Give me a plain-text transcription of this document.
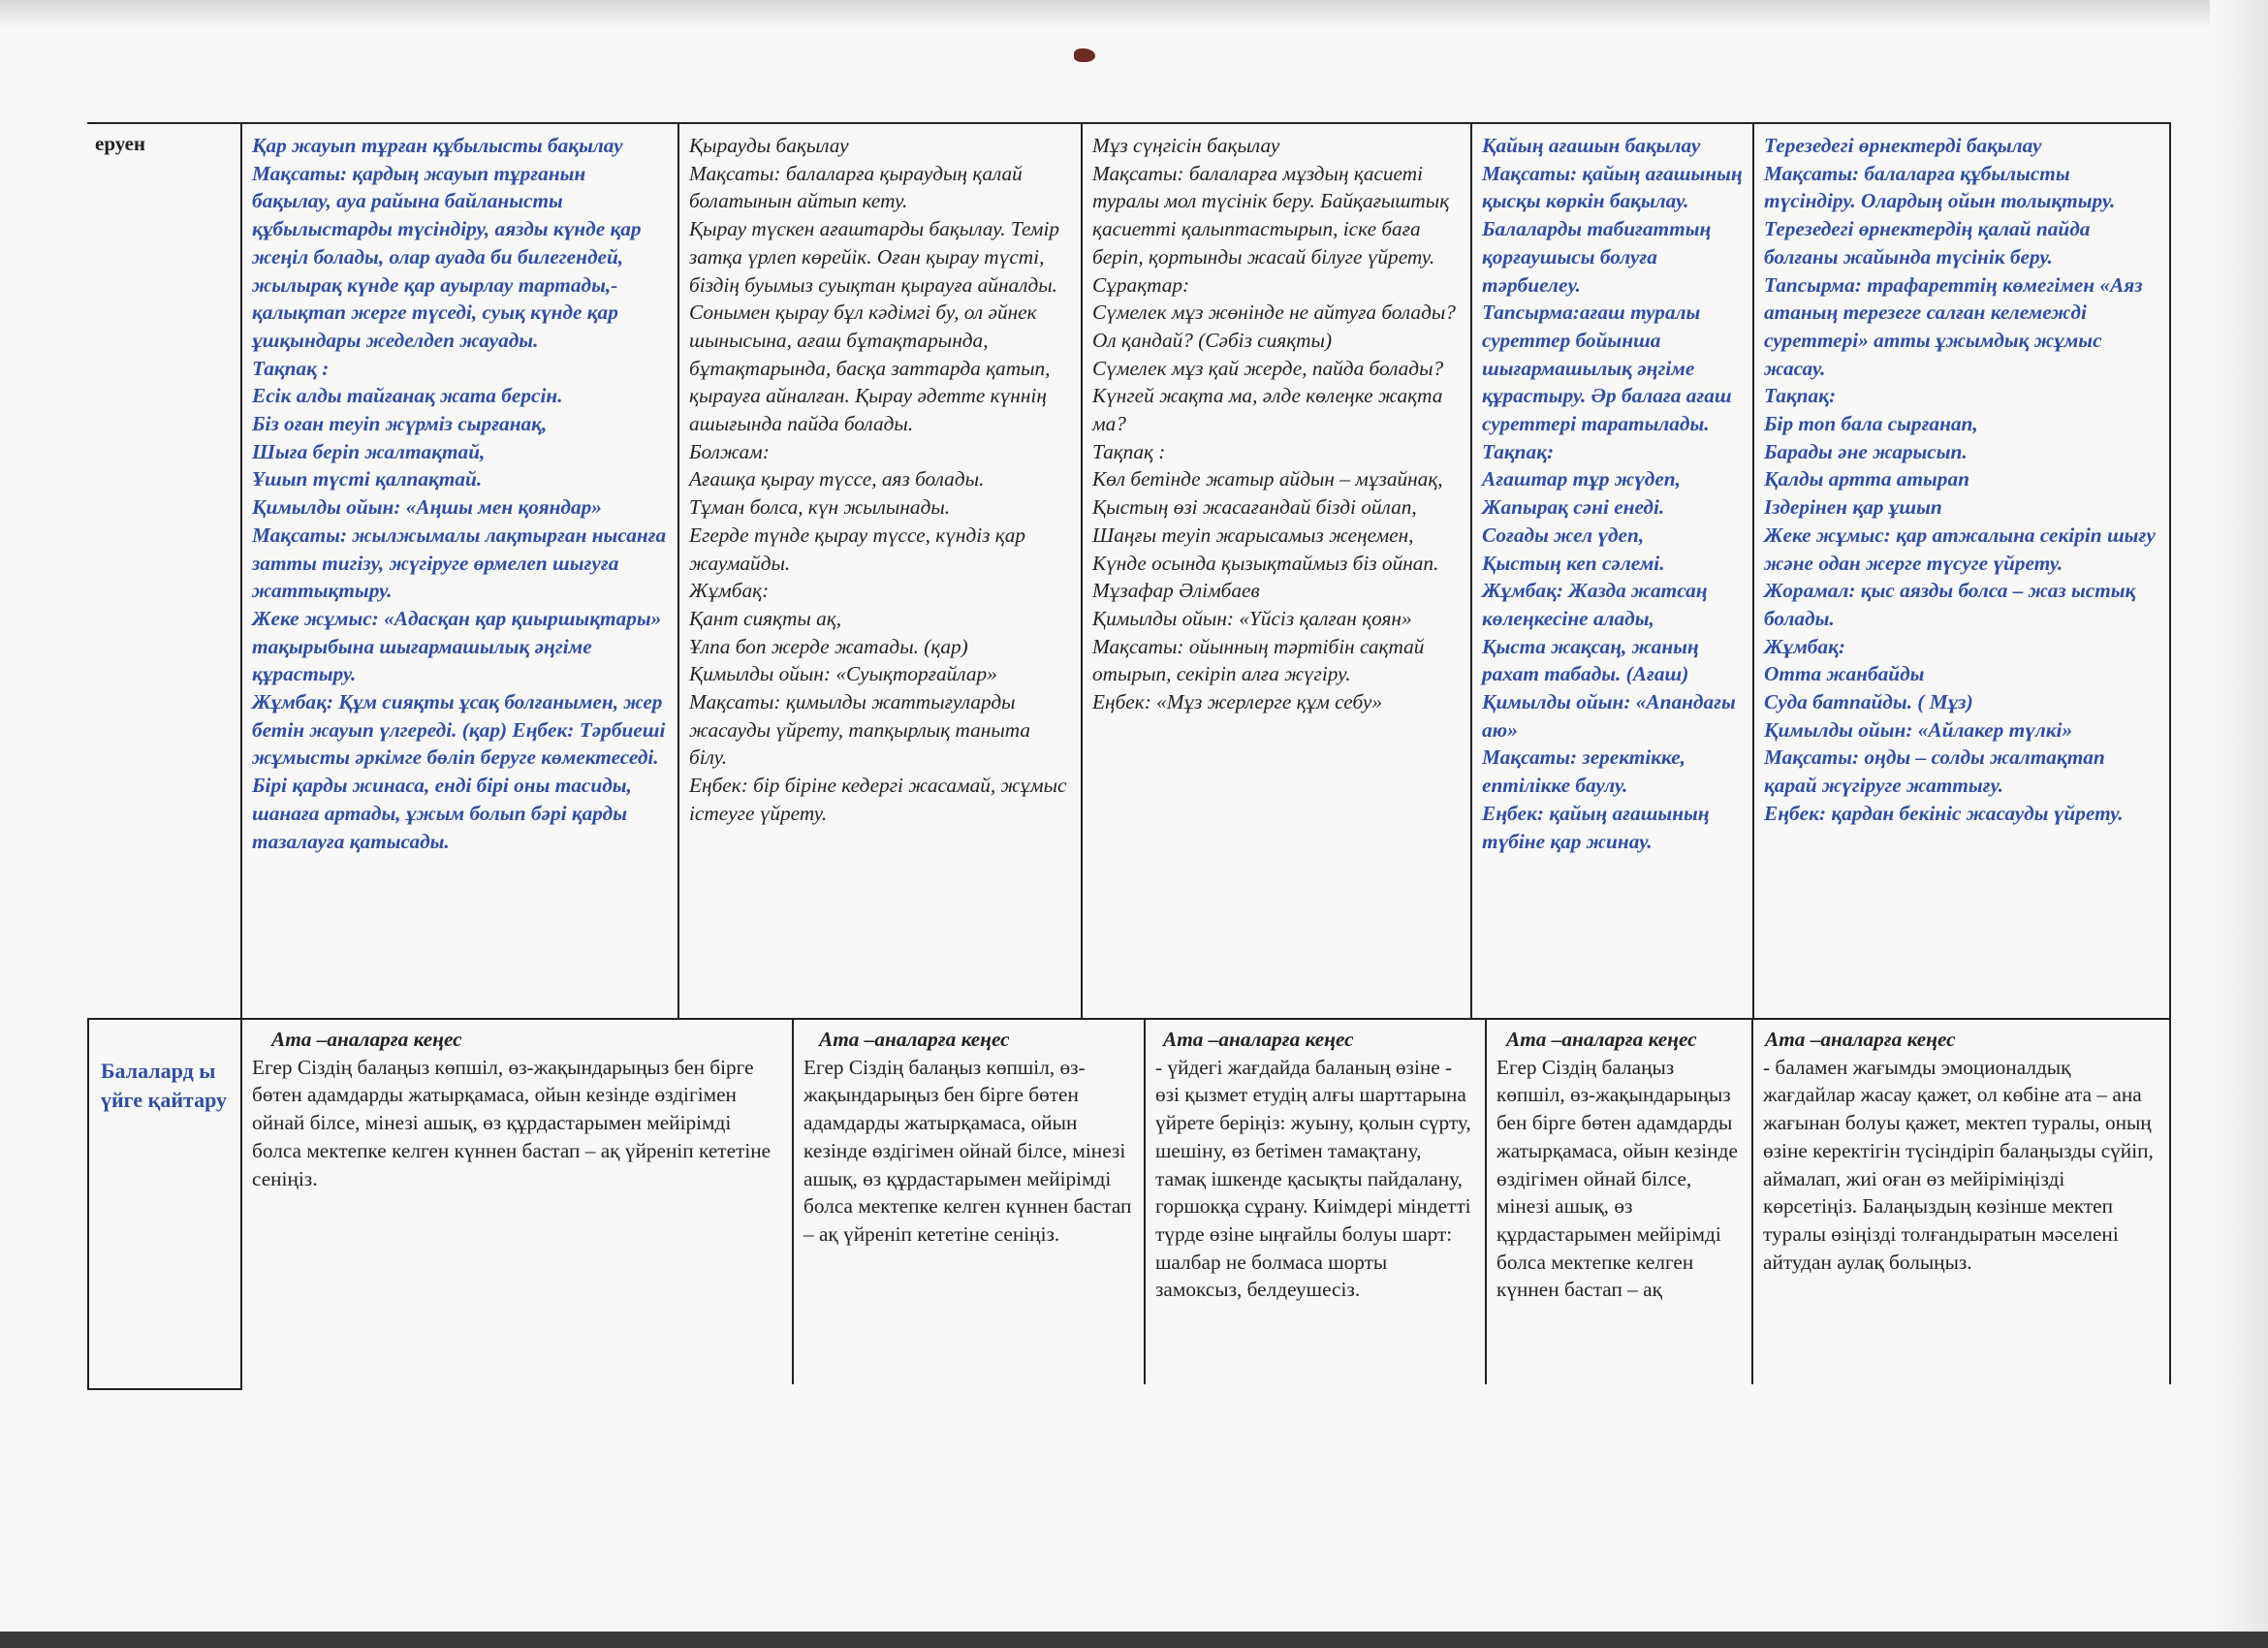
еруен	Қар жауып тұрған құбылысты бақылау

Мақсаты: қардың жауып тұрғанын бақылау, ауа райына байланысты құбылыстарды түсіндіру, аязды күнде қар жеңіл болады, олар ауада би билегендей, жылырақ күнде қар ауырлау тартады,- қалықтап жерге түседі, суық күнде қар ұшқындары жеделдеп жауады.

Тақпақ :

Есік алды тайғанақ жата берсін.

Біз оған теуіп жүрміз сырғанақ,

Шыға беріп жалтақтай,

Ұшып түсті қалпақтай.

Қимылды ойын: «Аңшы мен қояндар»

Мақсаты: жылжымалы лақтырған нысанға затты тигізу, жүгіруге өрмелеп шығуға жаттықтыру.

Жеке жұмыс: «Адасқан қар қиыршықтары» тақырыбына шығармашылық әңгіме құрастыру.

Жұмбақ: Құм сияқты ұсақ болғанымен, жер бетін жауып үлгереді. (қар) Еңбек: Тәрбиеші жұмысты әркімге бөліп беруге көмектеседі. Бірі қарды жинаса, енді бірі оны тасиды, шанаға артады, ұжым болып бәрі қарды тазалауға қатысады.

Қырауды бақылау

Мақсаты: балаларға қыраудың қалай болатынын айтып кету.

Қырау түскен ағаштарды бақылау. Темір затқа үрлеп көрейік. Оған қырау түсті, біздің буымыз суықтан қырауға айналды. Сонымен қырау бұл кәдімгі бу, ол әйнек шынысына, ағаш бұтақтарында, бұтақтарында, басқа заттарда қатып, қырауға айналған. Қырау әдетте күннің ашығында пайда болады.

Болжам:

Ағашқа қырау түссе, аяз болады.

Тұман болса, күн жылынады.

Егерде түнде қырау түссе, күндіз қар жаумайды.

Жұмбақ:

Қант сияқты ақ,

Ұлпа боп жерде жатады. (қар)

Қимылды ойын: «Суықторғайлар»

Мақсаты: қимылды жаттығуларды жасауды үйрету, тапқырлық таныта білу.

Еңбек: бір біріне кедергі жасамай, жұмыс істеуге үйрету.

Мұз сүңгісін бақылау

Мақсаты: балаларға мұздың қасиеті туралы мол түсінік беру. Байқағыштық қасиетті қалыптастырып, іске баға беріп, қортынды жасай білуге үйрету.

Сұрақтар:

Сүмелек мұз жөнінде не айтуға болады?

Ол қандай? (Сәбіз сияқты)

Сүмелек мұз қай жерде, пайда болады?

Күнгей жақта ма, әлде көлеңке жақта ма?

Тақпақ :

Көл бетінде жатыр айдын – мұзайнақ,

Қыстың өзі жасағандай бізді ойлап,

Шаңғы теуіп жарысамыз жеңемен,

Күнде осында қызықтаймыз біз ойнап. Мұзафар Әлімбаев

Қимылды ойын: «Үйсіз қалған қоян»

Мақсаты: ойынның тәртібін сақтай отырып, секіріп алға жүгіру.

Еңбек: «Мұз жерлерге құм себу»

Қайың ағашын бақылау

Мақсаты: қайың ағашының қысқы көркін бақылау.

Балаларды табиғаттың қорғаушысы болуға тәрбиелеу.

Тапсырма:ағаш туралы суреттер бойынша шығармашылық әңгіме құрастыру. Әр балаға ағаш суреттері таратылады.

Тақпақ:

Ағаштар тұр жүдеп,

Жапырақ сәні енеді.

Соғады жел үдеп,

Қыстың кеп сәлемі.

Жұмбақ: Жазда жатсаң көлеңкесіне алады,

Қыста жақсаң, жаның рахат табады. (Ағаш)

Қимылды ойын: «Апандағы аю»

Мақсаты: зеректікке, ептілікке баулу.

Еңбек: қайың ағашының түбіне қар жинау.

Терезедегі өрнектерді бақылау

Мақсаты: балаларға құбылысты түсіндіру. Олардың ойын толықтыру. Терезедегі өрнектердің қалай пайда болғаны жайында түсінік беру.

Тапсырма: трафареттің көмегімен «Аяз атаның терезеге салған келемежді суреттері» атты ұжымдық жұмыс жасау.

Тақпақ:

Бір топ бала сырғанап,

Барады әне жарысып.

Қалды артта атырап

Іздерінен қар ұшып

Жеке жұмыс: қар атжалына секіріп шығу және одан жерге түсуге үйрету.

Жорамал: қыс аязды болса – жаз ыстық болады.

Жұмбақ:

Отта жанбайды

Суда батпайды. ( Мұз)

Қимылды ойын: «Айлакер түлкі»

Мақсаты: оңды – солды жалтақтап қарай жүгіруге жаттығу.

Еңбек: қардан бекініс жасауды үйрету.

Балалард ы үйге қайтару

Ата –аналарға кеңес

Егер Сіздің балаңыз көпшіл, өз-жақындарыңыз бен бірге бөтен адамдарды жатырқамаса, ойын кезінде өздігімен ойнай білсе, мінезі ашық, өз құрдастарымен мейірімді болса мектепке келген күннен бастап – ақ үйреніп кететіне сеніңіз.

Ата –аналарға кеңес

Егер Сіздің балаңыз көпшіл, өз-жақындарыңыз бен бірге бөтен адамдарды жатырқамаса, ойын кезінде өздігімен ойнай білсе, мінезі ашық, өз құрдастарымен мейірімді болса мектепке келген күннен бастап – ақ үйреніп кететіне сеніңіз.

Ата –аналарға кеңес

- үйдегі жағдайда баланың өзіне - өзі қызмет етудің алғы шарттарына үйрете беріңіз: жуыну, қолын сүрту, шешіну, өз бетімен тамақтану, тамақ ішкенде қасықты пайдалану, горшокқа сұрану. Киімдері міндетті түрде өзіне ыңғайлы болуы шарт: шалбар не болмаса шорты замоксыз, белдеушесіз.

Ата –аналарға кеңес

Егер Сіздің балаңыз көпшіл, өз-жақындарыңыз бен бірге бөтен адамдарды жатырқамаса, ойын кезінде өздігімен ойнай білсе, мінезі ашық, өз құрдастарымен мейірімді болса мектепке келген күннен бастап – ақ

Ата –аналарға кеңес

- баламен жағымды эмоционалдық жағдайлар жасау қажет, ол көбіне ата – ана жағынан болуы қажет, мектеп туралы, оның өзіне керектігін түсіндіріп балаңызды сүйіп, аймалап, жиі оған өз мейіріміңізді көрсетіңіз. Балаңыздың көзінше мектеп туралы өзіңізді толғандыратын мәселені айтудан аулақ болыңыз.
